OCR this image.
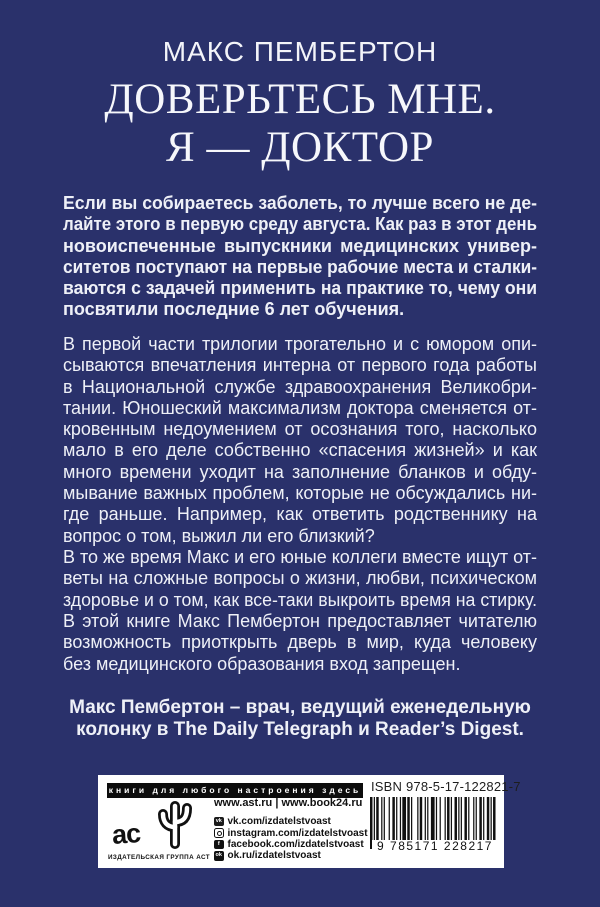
МАКС ПЕМБЕРТОН
ДОВЕРЬТЕСЬ МНЕ.
Я — ДОКТОР
Если вы собираетесь заболеть, то лучше всего не де-
лайте этого в первую среду августа. Как раз в этот день
новоиспеченные выпускники медицинских универ-
ситетов поступают на первые рабочие места и сталки-
ваются с задачей применить на практике то, чему они
посвятили последние 6 лет обучения.
В первой части трилогии трогательно и с юмором опи-
сываются впечатления интерна от первого года работы
в Национальной службе здравоохранения Великобри-
тании. Юношеский максимализм доктора сменяется от-
кровенным недоумением от осознания того, насколько
мало в его деле собственно «спасения жизней» и как
много времени уходит на заполнение бланков и обду-
мывание важных проблем, которые не обсуждались ни-
где раньше. Например, как ответить родственнику на
вопрос о том, выжил ли его близкий?
В то же время Макс и его юные коллеги вместе ищут от-
веты на сложные вопросы о жизни, любви, психическом
здоровье и о том, как все-таки выкроить время на стирку.
В этой книге Макс Пембертон предоставляет читателю
возможность приоткрыть дверь в мир, куда человеку
без медицинского образования вход запрещен.
Макс Пембертон – врач, ведущий еженедельную
колонку в The Daily Telegraph и Reader’s Digest.
книги для любого настроения здесь ISBN 978-5-17-122821-7
9 785171 228217
ас
ИЗДАТЕЛЬСКАЯ ГРУППА АСТ
www.ast.ru | www.book24.ru
vk vk.com/izdatelstvoast
instagram.com/izdatelstvoast
f facebook.com/izdatelstvoast
ok ok.ru/izdatelstvoast
